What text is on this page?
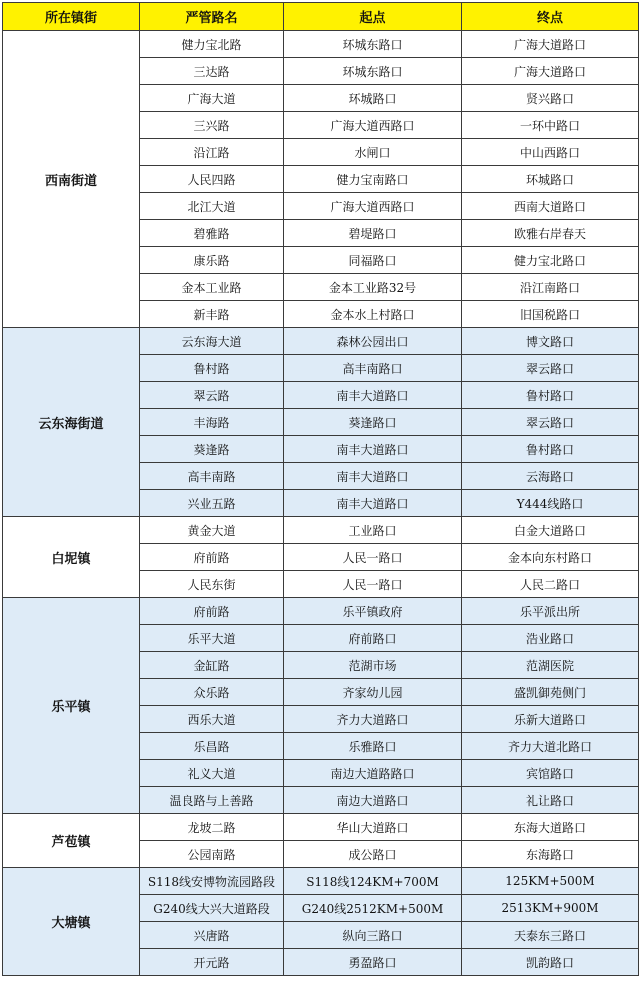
所在镇街	严管路名	起点	终点
西南街道	健力宝北路	环城东路口	广海大道路口
	三达路	环城东路口	广海大道路口
	广海大道	环城路口	贤兴路口
	三兴路	广海大道西路口	一环中路口
	沿江路	水闸口	中山西路口
	人民四路	健力宝南路口	环城路口
	北江大道	广海大道西路口	西南大道路口
	碧雅路	碧堤路口	欧雅右岸春天
	康乐路	同福路口	健力宝北路口
	金本工业路	金本工业路32号	沿江南路口
	新丰路	金本水上村路口	旧国税路口
云东海街道	云东海大道	森林公园出口	博文路口
	鲁村路	高丰南路口	翠云路口
	翠云路	南丰大道路口	鲁村路口
	丰海路	葵逢路口	翠云路口
	葵逢路	南丰大道路口	鲁村路口
	高丰南路	南丰大道路口	云海路口
	兴业五路	南丰大道路口	Y444线路口
白坭镇	黄金大道	工业路口	白金大道路口
	府前路	人民一路口	金本向东村路口
	人民东街	人民一路口	人民二路口
乐平镇	府前路	乐平镇政府	乐平派出所
	乐平大道	府前路口	浩业路口
	金缸路	范湖市场	范湖医院
	众乐路	齐家幼儿园	盛凯御苑侧门
	西乐大道	齐力大道路口	乐新大道路口
	乐昌路	乐雅路口	齐力大道北路口
	礼义大道	南边大道路路口	宾馆路口
	温良路与上善路	南边大道路口	礼让路口
芦苞镇	龙坡二路	华山大道路口	东海大道路口
	公园南路	成公路口	东海路口
大塘镇	S118线安博物流园路段	S118线124KM+700M	125KM+500M
	G240线大兴大道路段	G240线2512KM+500M	2513KM+900M
	兴唐路	纵向三路口	天泰东三路口
	开元路	勇盈路口	凯韵路口
